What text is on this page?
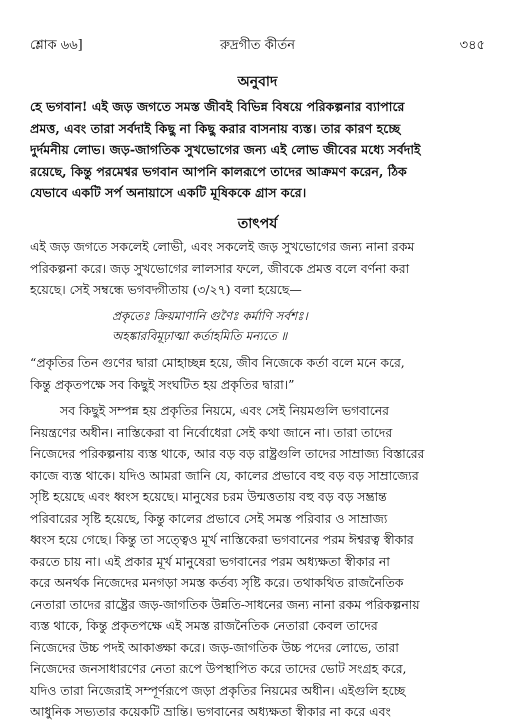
শ্লোক ৬৬]	রুদ্রগীত কীর্তন	৩৪৫
অনুবাদ
হে ভগবান! এই জড় জগতে সমস্ত জীবই বিভিন্ন বিষয়ে পরিকল্পনার ব্যাপারে
প্রমত্ত, এবং তারা সর্বদাই কিছু না কিছু করার বাসনায় ব্যস্ত। তার কারণ হচ্ছে
দুর্দমনীয় লোভ। জড়-জাগতিক সুখভোগের জন্য এই লোভ জীবের মধ্যে সর্বদাই
রয়েছে, কিন্তু পরমেশ্বর ভগবান আপনি কালরূপে তাদের আক্রমণ করেন, ঠিক
যেভাবে একটি সর্প অনায়াসে একটি মূষিককে গ্রাস করে।
তাৎপর্য
এই জড় জগতে সকলেই লোভী, এবং সকলেই জড় সুখভোগের জন্য নানা রকম
পরিকল্পনা করে। জড় সুখভোগের লালসার ফলে, জীবকে প্রমত্ত বলে বর্ণনা করা
হয়েছে। সেই সম্বন্ধে ভগবদ্গীতায় (৩/২৭) বলা হয়েছে—
প্রকৃতেঃ ক্রিয়মাণানি গুণৈঃ কর্মাণি সর্বশঃ।
অহঙ্কারবিমূঢ়াত্মা কর্তাহমিতি মন্যতে ॥
“প্রকৃতির তিন গুণের দ্বারা মোহাচ্ছন্ন হয়ে, জীব নিজেকে কর্তা বলে মনে করে,
কিন্তু প্রকৃতপক্ষে সব কিছুই সংঘটিত হয় প্রকৃতির দ্বারা।”
সব কিছুই সম্পন্ন হয় প্রকৃতির নিয়মে, এবং সেই নিয়মগুলি ভগবানের
নিয়ন্ত্রণের অধীন। নাস্তিকেরা বা নির্বোধেরা সেই কথা জানে না। তারা তাদের
নিজেদের পরিকল্পনায় ব্যস্ত থাকে, আর বড় বড় রাষ্ট্রগুলি তাদের সাম্রাজ্য বিস্তারের
কাজে ব্যস্ত থাকে। যদিও আমরা জানি যে, কালের প্রভাবে বহু বড় বড় সাম্রাজ্যের
সৃষ্টি হয়েছে এবং ধ্বংস হয়েছে। মানুষের চরম উন্মত্ততায় বহু বড় বড় সম্ভ্রান্ত
পরিবারের সৃষ্টি হয়েছে, কিন্তু কালের প্রভাবে সেই সমস্ত পরিবার ও সাম্রাজ্য
ধ্বংস হয়ে গেছে। কিন্তু তা সত্ত্বেও মূর্খ নাস্তিকেরা ভগবানের পরম ঈশ্বরত্ব স্বীকার
করতে চায় না। এই প্রকার মূর্খ মানুষেরা ভগবানের পরম অধ্যক্ষতা স্বীকার না
করে অনর্থক নিজেদের মনগড়া সমস্ত কর্তব্য সৃষ্টি করে। তথাকথিত রাজনৈতিক
নেতারা তাদের রাষ্ট্রের জড়-জাগতিক উন্নতি-সাধনের জন্য নানা রকম পরিকল্পনায়
ব্যস্ত থাকে, কিন্তু প্রকৃতপক্ষে এই সমস্ত রাজনৈতিক নেতারা কেবল তাদের
নিজেদের উচ্চ পদই আকাঙ্ক্ষা করে। জড়-জাগতিক উচ্চ পদের লোভে, তারা
নিজেদের জনসাধারণের নেতা রূপে উপস্থাপিত করে তাদের ভোট সংগ্রহ করে,
যদিও তারা নিজেরাই সম্পূর্ণরূপে জড়া প্রকৃতির নিয়মের অধীন। এইগুলি হচ্ছে
আধুনিক সভ্যতার কয়েকটি ভ্রান্তি। ভগবানের অধ্যক্ষতা স্বীকার না করে এবং
